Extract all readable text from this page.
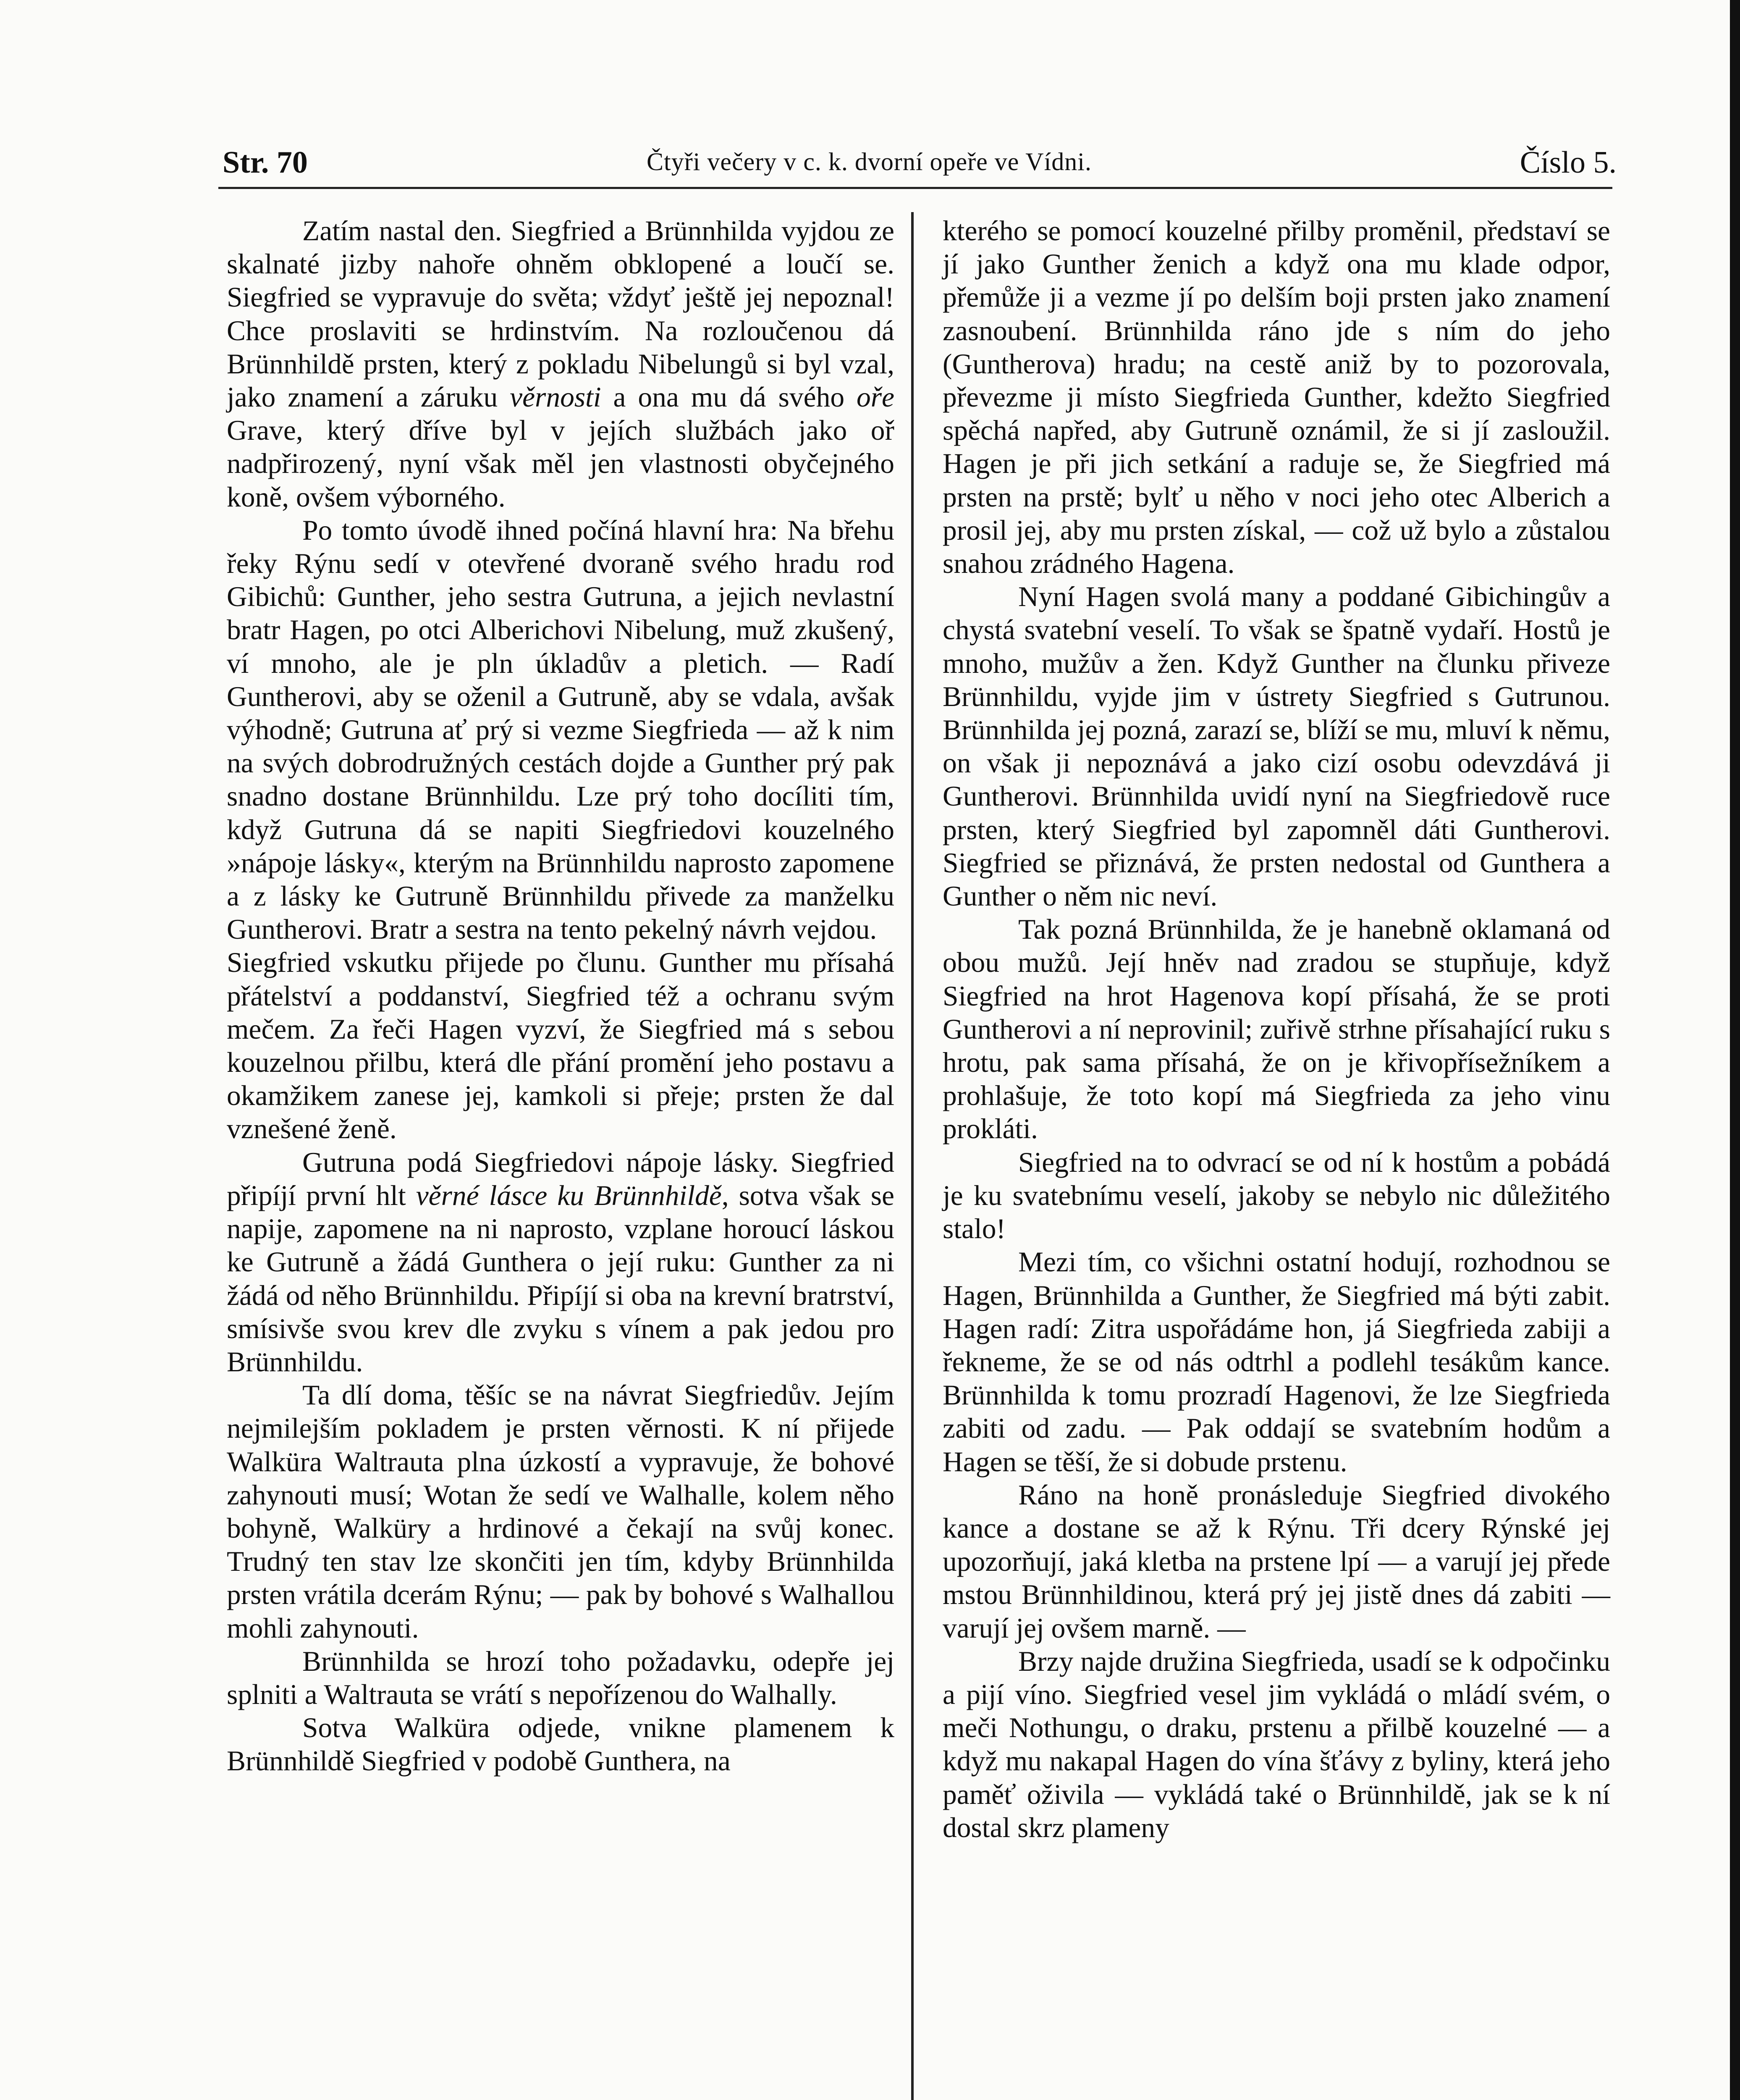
Str. 70	Čtyři večery v c. k. dvorní opeře ve Vídni.	Číslo 5.

Zatím nastal den. Siegfried a Brünnhilda vyjdou ze skalnaté jizby nahoře ohněm obklopené a loučí se. Siegfried se vypravuje do světa; vždyť ještě jej nepoznal! Chce proslaviti se hrdinstvím. Na rozloučenou dá Brünnhildě prsten, který z pokladu Nibelungů si byl vzal, jako znamení a záruku věrnosti a ona mu dá svého oře Grave, který dříve byl v jejích službách jako oř nadpřirozený, nyní však měl jen vlastnosti obyčejného koně, ovšem výborného.

Po tomto úvodě ihned počíná hlavní hra: Na břehu řeky Rýnu sedí v otevřené dvoraně svého hradu rod Gibichů: Gunther, jeho sestra Gutruna, a jejich nevlastní bratr Hagen, po otci Alberichovi Nibelung, muž zkušený, ví mnoho, ale je pln úkladův a pletich. — Radí Guntherovi, aby se oženil a Gutruně, aby se vdala, avšak výhodně; Gutruna ať prý si vezme Siegfrieda — až k nim na svých dobrodružných cestách dojde a Gunther prý pak snadno dostane Brünnhildu. Lze prý toho docíliti tím, když Gutruna dá se napiti Siegfriedovi kouzelného »nápoje lásky«, kterým na Brünnhildu naprosto zapomene a z lásky ke Gutruně Brünnhildu přivede za manželku Guntherovi. Bratr a sestra na tento pekelný návrh vejdou.

Siegfried vskutku přijede po člunu. Gunther mu přísahá přátelství a poddanství, Siegfried též a ochranu svým mečem. Za řeči Hagen vyzví, že Siegfried má s sebou kouzelnou přilbu, která dle přání promění jeho postavu a okamžikem zanese jej, kamkoli si přeje; prsten že dal vznešené ženě.

Gutruna podá Siegfriedovi nápoje lásky. Siegfried připíjí první hlt věrné lásce ku Brünnhildě, sotva však se napije, zapomene na ni naprosto, vzplane horoucí láskou ke Gutruně a žádá Gunthera o její ruku: Gunther za ni žádá od něho Brünnhildu. Připíjí si oba na krevní bratrství, smísivše svou krev dle zvyku s vínem a pak jedou pro Brünnhildu.

Ta dlí doma, těšíc se na návrat Siegfriedův. Jejím nejmilejším pokladem je prsten věrnosti. K ní přijede Walküra Waltrauta plna úzkostí a vypravuje, že bohové zahynouti musí; Wotan že sedí ve Walhalle, kolem něho bohyně, Walküry a hrdinové a čekají na svůj konec. Trudný ten stav lze skončiti jen tím, kdyby Brünnhilda prsten vrátila dcerám Rýnu; — pak by bohové s Walhallou mohli zahynouti.

Brünnhilda se hrozí toho požadavku, odepře jej splniti a Waltrauta se vrátí s nepořízenou do Walhally.

Sotva Walküra odjede, vnikne plamenem k Brünnhildě Siegfried v podobě Gunthera, na

kterého se pomocí kouzelné přilby proměnil, představí se jí jako Gunther ženich a když ona mu klade odpor, přemůže ji a vezme jí po delším boji prsten jako znamení zasnoubení. Brünnhilda ráno jde s ním do jeho (Guntherova) hradu; na cestě aniž by to pozorovala, převezme ji místo Siegfrieda Gunther, kdežto Siegfried spěchá napřed, aby Gutruně oznámil, že si jí zasloužil. Hagen je při jich setkání a raduje se, že Siegfried má prsten na prstě; bylť u něho v noci jeho otec Alberich a prosil jej, aby mu prsten získal, — což už bylo a zůstalou snahou zrádného Hagena.

Nyní Hagen svolá many a poddané Gibichingův a chystá svatební veselí. To však se špatně vydaří. Hostů je mnoho, mužův a žen. Když Gunther na člunku přiveze Brünnhildu, vyjde jim v ústrety Siegfried s Gutrunou. Brünnhilda jej pozná, zarazí se, blíží se mu, mluví k němu, on však ji nepoznává a jako cizí osobu odevzdává ji Guntherovi. Brünnhilda uvidí nyní na Siegfriedově ruce prsten, který Siegfried byl zapomněl dáti Guntherovi. Siegfried se přiznává, že prsten nedostal od Gunthera a Gunther o něm nic neví.

Tak pozná Brünnhilda, že je hanebně oklamaná od obou mužů. Její hněv nad zradou se stupňuje, když Siegfried na hrot Hagenova kopí přísahá, že se proti Guntherovi a ní neprovinil; zuřivě strhne přísahající ruku s hrotu, pak sama přísahá, že on je křivopřísežníkem a prohlašuje, že toto kopí má Siegfrieda za jeho vinu prokláti.

Siegfried na to odvrací se od ní k hostům a pobádá je ku svatebnímu veselí, jakoby se nebylo nic důležitého stalo!

Mezi tím, co všichni ostatní hodují, rozhodnou se Hagen, Brünnhilda a Gunther, že Siegfried má býti zabit. Hagen radí: Zitra uspořádáme hon, já Siegfrieda zabiji a řekneme, že se od nás odtrhl a podlehl tesákům kance. Brünnhilda k tomu prozradí Hagenovi, že lze Siegfrieda zabiti od zadu. — Pak oddají se svatebním hodům a Hagen se těší, že si dobude prstenu.

Ráno na honě pronásleduje Siegfried divokého kance a dostane se až k Rýnu. Tři dcery Rýnské jej upozorňují, jaká kletba na prstene lpí — a varují jej přede mstou Brünnhildinou, která prý jej jistě dnes dá zabiti — varují jej ovšem marně. —

Brzy najde družina Siegfrieda, usadí se k odpočinku a pijí víno. Siegfried vesel jim vykládá o mládí svém, o meči Nothungu, o draku, prstenu a přilbě kouzelné — a když mu nakapal Hagen do vína šťávy z byliny, která jeho paměť oživila — vykládá také o Brünnhildě, jak se k ní dostal skrz plameny
